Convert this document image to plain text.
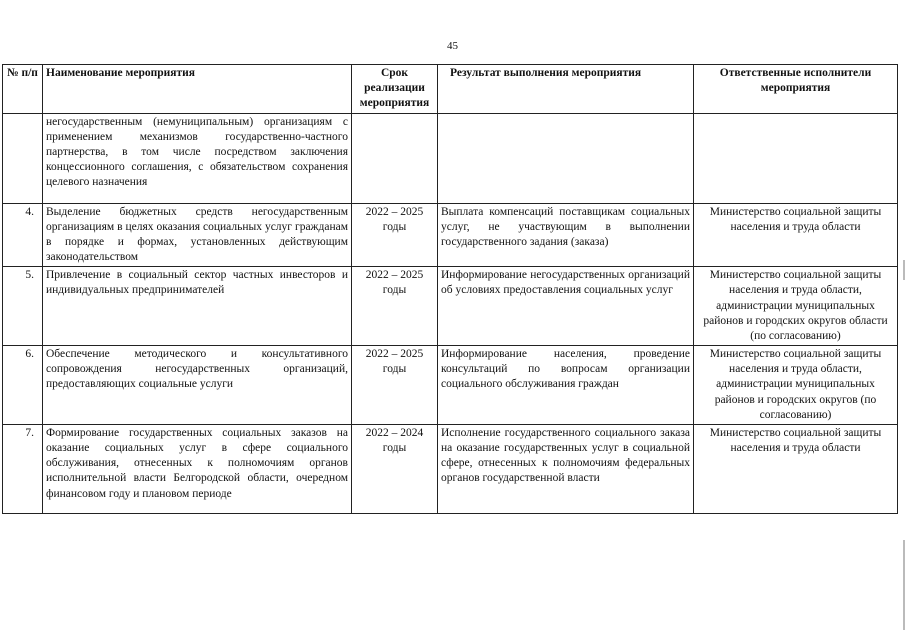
45
№ п/п	Наименование мероприятия	Срок реализации мероприятия	Результат выполнения мероприятия	Ответственные исполнители мероприятия
	негосударственным (немуниципальным) организациям с применением механизмов государственно-частного партнерства, в том числе посредством заключения концессионного соглашения, с обязательством сохранения целевого назначения			
4.	Выделение бюджетных средств негосударственным организациям в целях оказания социальных услуг гражданам в порядке и формах, установленных действующим законодательством	2022 – 2025 годы	Выплата компенсаций поставщикам социальных услуг, не участвующим в выполнении государственного задания (заказа)	Министерство социальной защиты населения и труда области
5.	Привлечение в социальный сектор частных инвесторов и индивидуальных предпринимателей	2022 – 2025 годы	Информирование негосударственных организаций об условиях предоставления социальных услуг	Министерство социальной защиты населения и труда области, администрации муниципальных районов и городских округов области (по согласованию)
6.	Обеспечение методического и консультативного сопровождения негосударственных организаций, предоставляющих социальные услуги	2022 – 2025 годы	Информирование населения, проведение консультаций по вопросам организации социального обслуживания граждан	Министерство социальной защиты населения и труда области, администрации муниципальных районов и городских округов (по согласованию)
7.	Формирование государственных социальных заказов на оказание социальных услуг в сфере социального обслуживания, отнесенных к полномочиям органов исполнительной власти Белгородской области, очередном финансовом году и плановом периоде	2022 – 2024 годы	Исполнение государственного социального заказа на оказание государственных услуг в социальной сфере, отнесенных к полномочиям федеральных органов государственной власти	Министерство социальной защиты населения и труда области
